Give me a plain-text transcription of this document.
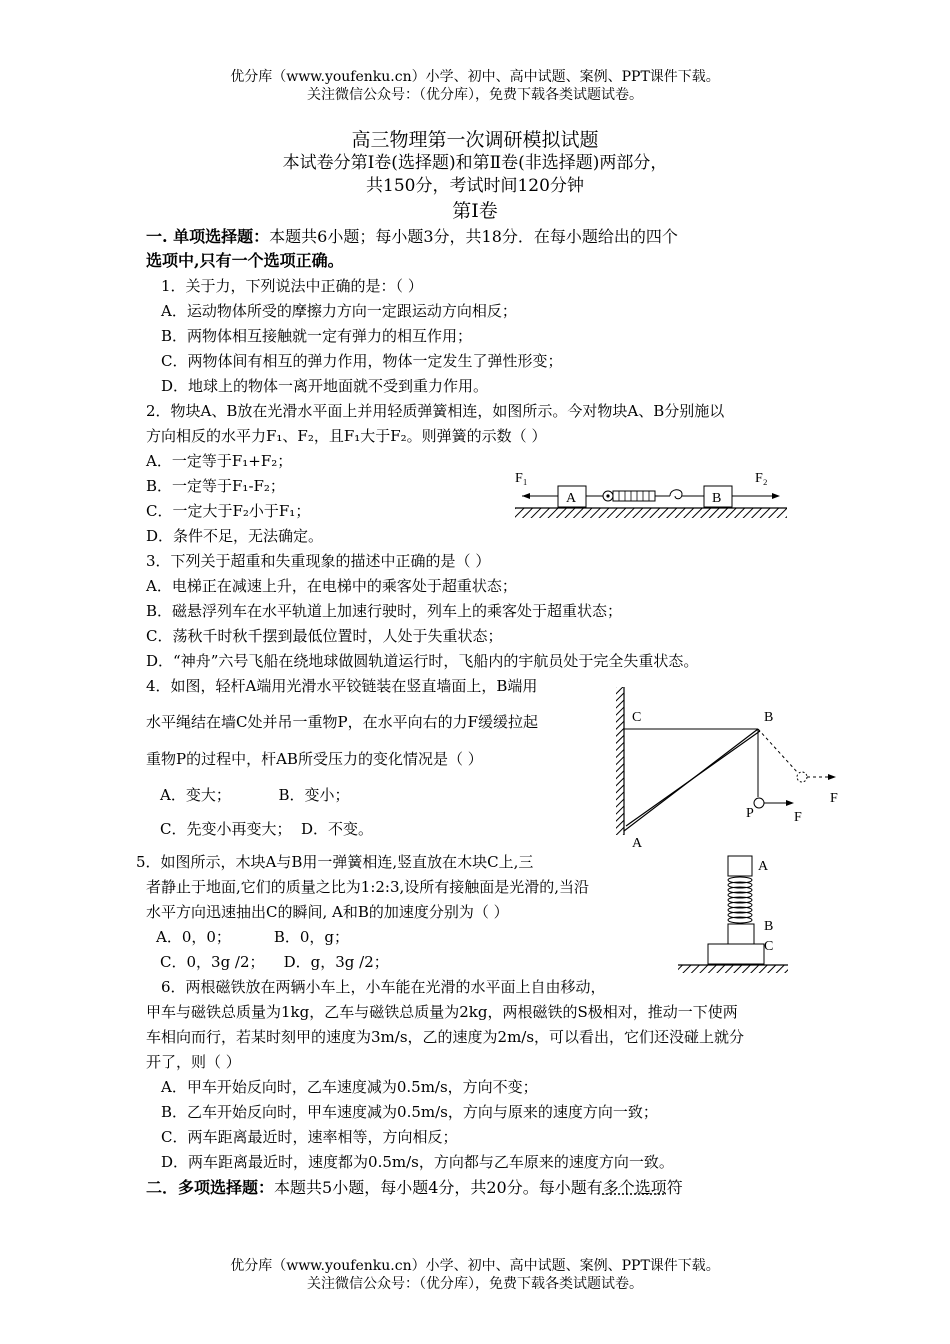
优分库（www.youfenku.cn）小学、初中、高中试题、案例、PPT课件下载。
关注微信公众号：（优分库），免费下载各类试题试卷。
高三物理第一次调研模拟试题
本试卷分第Ⅰ卷(选择题)和第Ⅱ卷(非选择题)两部分，
共150分，考试时间120分钟
第Ⅰ卷
一. 单项选择题：本题共6小题；每小题3分，共18分．在每小题给出的四个
选项中,只有一个选项正确。
1．关于力，下列说法中正确的是：（ ）
A．运动物体所受的摩擦力方向一定跟运动方向相反；
B．两物体相互接触就一定有弹力的相互作用；
C．两物体间有相互的弹力作用，物体一定发生了弹性形变；
D．地球上的物体一离开地面就不受到重力作用。
2．物块A、B放在光滑水平面上并用轻质弹簧相连，如图所示。今对物块A、B分别施以
方向相反的水平力F₁、F₂，且F₁大于F₂。则弹簧的示数（ ）
A．一定等于F₁+F₂；
B．一定等于F₁-F₂；
C．一定大于F₂小于F₁；
D．条件不足，无法确定。
F₁
A	B
F₂
3．下列关于超重和失重现象的描述中正确的是（ ）
A．电梯正在减速上升，在电梯中的乘客处于超重状态；
B．磁悬浮列车在水平轨道上加速行驶时，列车上的乘客处于超重状态；
C．荡秋千时秋千摆到最低位置时，人处于失重状态；
D．“神舟”六号飞船在绕地球做圆轨道运行时，飞船内的宇航员处于完全失重状态。
4．如图，轻杆A端用光滑水平铰链装在竖直墙面上，B端用
水平绳结在墙C处并吊一重物P，在水平向右的力F缓缓拉起
重物P的过程中，杆AB所受压力的变化情况是（ ）
A．变大；          B．变小；
C．先变小再变大；  D．不变。
C	B
A
P	F
F
5．如图所示，木块A与B用一弹簧相连,竖直放在木块C上,三
者静止于地面,它们的质量之比为1:2:3,设所有接触面是光滑的,当沿
水平方向迅速抽出C的瞬间, A和B的加速度分别为（ ）
A．0，0；         B．0，g；
C．0，3g /2；    D．g，3g /2；
A
B
C
6．两根磁铁放在两辆小车上，小车能在光滑的水平面上自由移动，
甲车与磁铁总质量为1kg，乙车与磁铁总质量为2kg，两根磁铁的S极相对，推动一下使两
车相向而行，若某时刻甲的速度为3m/s，乙的速度为2m/s，可以看出，它们还没碰上就分
开了，则（ ）
A．甲车开始反向时，乙车速度减为0.5m/s，方向不变；
B．乙车开始反向时，甲车速度减为0.5m/s，方向与原来的速度方向一致；
C．两车距离最近时，速率相等，方向相反；
D．两车距离最近时，速度都为0.5m/s，方向都与乙车原来的速度方向一致。
二．多项选择题：本题共5小题，每小题4分，共20分。每小题有多个选项符
优分库（www.youfenku.cn）小学、初中、高中试题、案例、PPT课件下载。
关注微信公众号：（优分库），免费下载各类试题试卷。
